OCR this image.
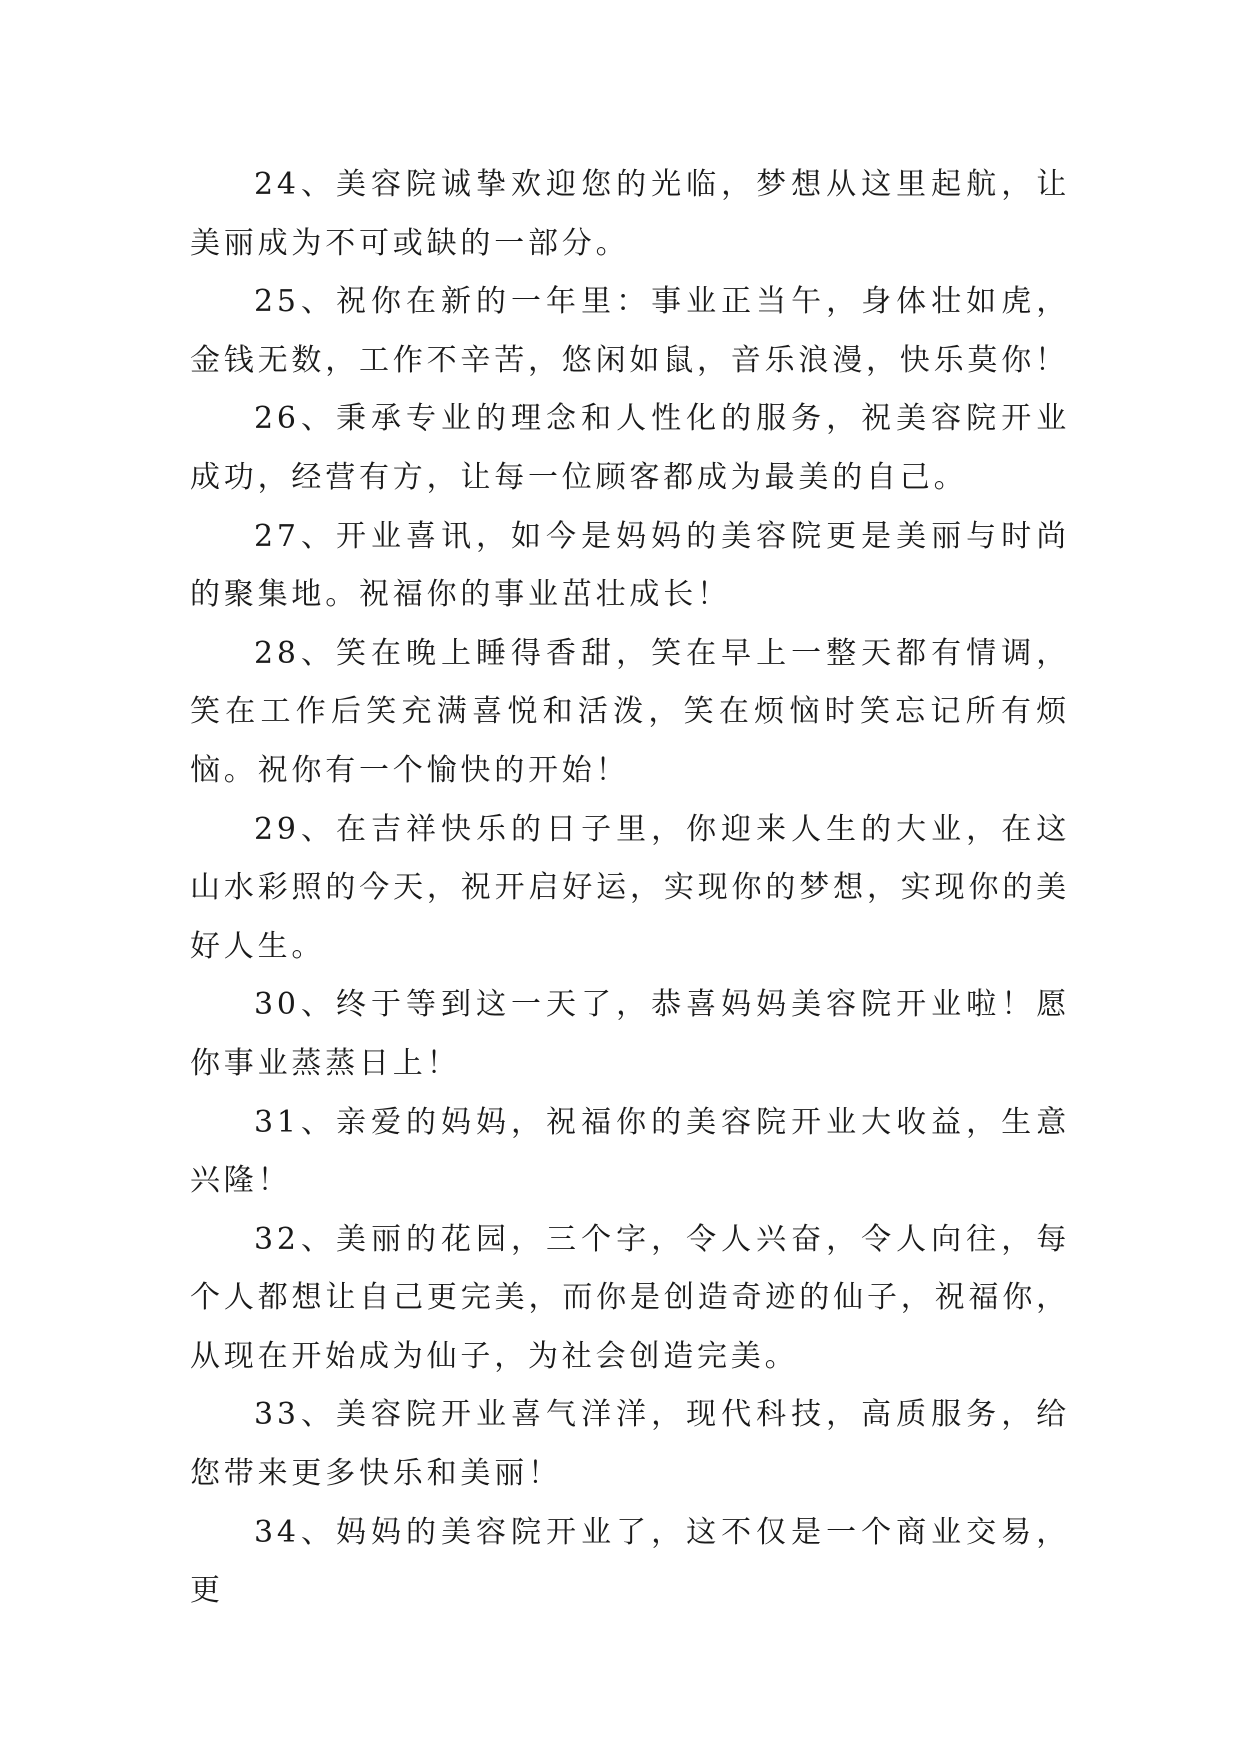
24、美容院诚挚欢迎您的光临，梦想从这里起航，让美丽成为不可或缺的一部分。

25、祝你在新的一年里：事业正当午，身体壮如虎，金钱无数，工作不辛苦，悠闲如鼠，音乐浪漫，快乐莫你！

26、秉承专业的理念和人性化的服务，祝美容院开业成功，经营有方，让每一位顾客都成为最美的自己。

27、开业喜讯，如今是妈妈的美容院更是美丽与时尚的聚集地。祝福你的事业茁壮成长！

28、笑在晚上睡得香甜，笑在早上一整天都有情调，笑在工作后笑充满喜悦和活泼，笑在烦恼时笑忘记所有烦恼。祝你有一个愉快的开始！

29、在吉祥快乐的日子里，你迎来人生的大业，在这山水彩照的今天，祝开启好运，实现你的梦想，实现你的美好人生。

30、终于等到这一天了，恭喜妈妈美容院开业啦！愿你事业蒸蒸日上！

31、亲爱的妈妈，祝福你的美容院开业大收益，生意兴隆！

32、美丽的花园，三个字，令人兴奋，令人向往，每个人都想让自己更完美，而你是创造奇迹的仙子，祝福你，从现在开始成为仙子，为社会创造完美。

33、美容院开业喜气洋洋，现代科技，高质服务，给您带来更多快乐和美丽！

34、妈妈的美容院开业了，这不仅是一个商业交易，更
